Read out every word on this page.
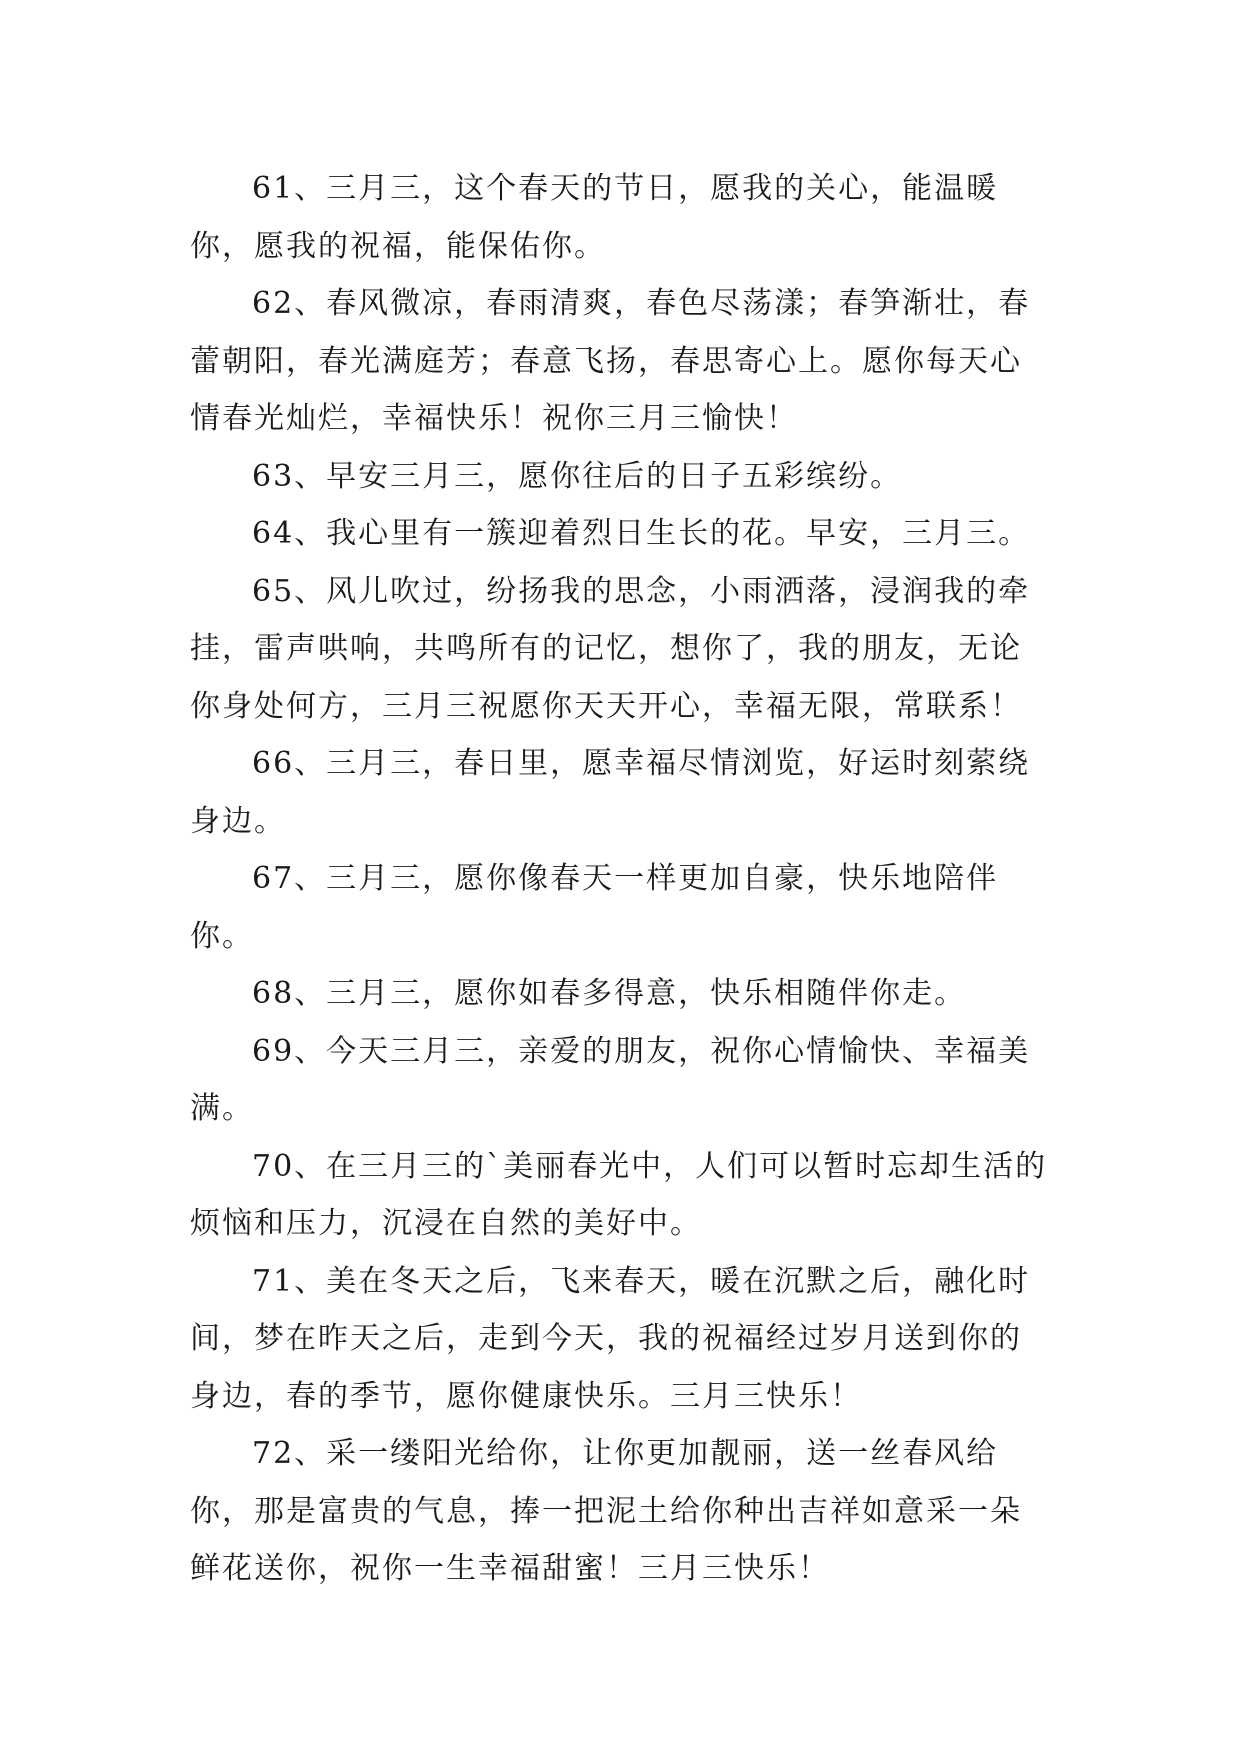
61、三月三，这个春天的节日，愿我的关心，能温暖你，愿我的祝福，能保佑你。

62、春风微凉，春雨清爽，春色尽荡漾；春笋渐壮，春蕾朝阳，春光满庭芳；春意飞扬，春思寄心上。愿你每天心情春光灿烂，幸福快乐！祝你三月三愉快！

63、早安三月三，愿你往后的日子五彩缤纷。

64、我心里有一簇迎着烈日生长的花。早安，三月三。

65、风儿吹过，纷扬我的思念，小雨洒落，浸润我的牵挂，雷声哄响，共鸣所有的记忆，想你了，我的朋友，无论你身处何方，三月三祝愿你天天开心，幸福无限，常联系！

66、三月三，春日里，愿幸福尽情浏览，好运时刻萦绕身边。

67、三月三，愿你像春天一样更加自豪，快乐地陪伴你。

68、三月三，愿你如春多得意，快乐相随伴你走。

69、今天三月三，亲爱的朋友，祝你心情愉快、幸福美满。

70、在三月三的`美丽春光中，人们可以暂时忘却生活的烦恼和压力，沉浸在自然的美好中。

71、美在冬天之后，飞来春天，暖在沉默之后，融化时间，梦在昨天之后，走到今天，我的祝福经过岁月送到你的身边，春的季节，愿你健康快乐。三月三快乐！

72、采一缕阳光给你，让你更加靓丽，送一丝春风给你，那是富贵的气息，捧一把泥土给你种出吉祥如意采一朵鲜花送你，祝你一生幸福甜蜜！三月三快乐！
